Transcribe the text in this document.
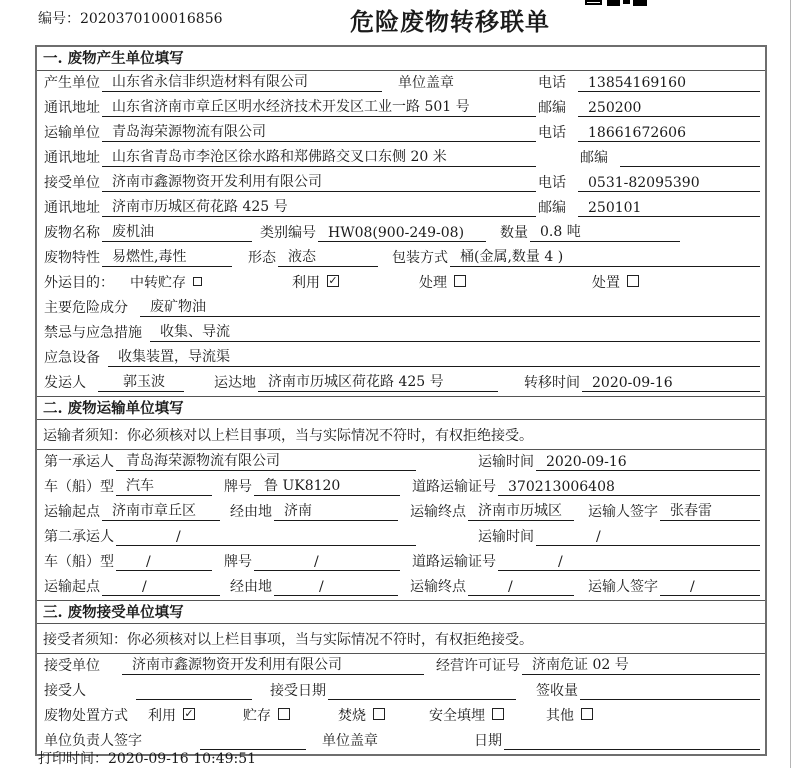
编号：2020370100016856	危险废物转移联单
一. 废物产生单位填写
产生单位 山东省永信非织造材料有限公司	单位盖章	电话	13854169160
通讯地址 山东省济南市章丘区明水经济技术开发区工业一路 501 号	邮编	250200
运输单位 青岛海荣源物流有限公司	电话	18661672606
通讯地址 山东省青岛市李沧区徐水路和郑佛路交叉口东侧 20 米	邮编
接受单位 济南市鑫源物资开发利用有限公司	电话	0531-82095390
通讯地址 济南市历城区荷花路 425 号	邮编	250101
废物名称 废机油	类别编号 HW08(900-249-08)	数量 0.8 吨
废物特性 易燃性,毒性	形态 液态	包装方式 桶(金属,数量 4 )
外运目的： 中转贮存	利用 ✓	处理	处置
主要危险成分	废矿物油
禁忌与应急措施	收集、导流
应急设备	收集装置，导流渠
发运人	郭玉波	运达地 济南市历城区荷花路 425 号	转移时间 2020-09-16
二. 废物运输单位填写
运输者须知：你必须核对以上栏目事项，当与实际情况不符时，有权拒绝接受。
第一承运人 青岛海荣源物流有限公司	运输时间 2020-09-16
车（船）型 汽车	牌号 鲁 UK8120	道路运输证号 370213006408
运输起点 济南市章丘区	经由地 济南	运输终点 济南市历城区	运输人签字 张春雷
第二承运人	/	运输时间	/
车（船）型	/	牌号	/	道路运输证号	/
运输起点	/	经由地	/	运输终点	/	运输人签字	/
三. 废物接受单位填写
接受者须知：你必须核对以上栏目事项，当与实际情况不符时，有权拒绝接受。
接受单位	济南市鑫源物资开发利用有限公司	经营许可证号 济南危证 02 号
接受人	接受日期	签收量
废物处置方式 利用 ✓	贮存	焚烧	安全填埋	其他
单位负责人签字	单位盖章	日期
打印时间：2020-09-16 10:49:51
